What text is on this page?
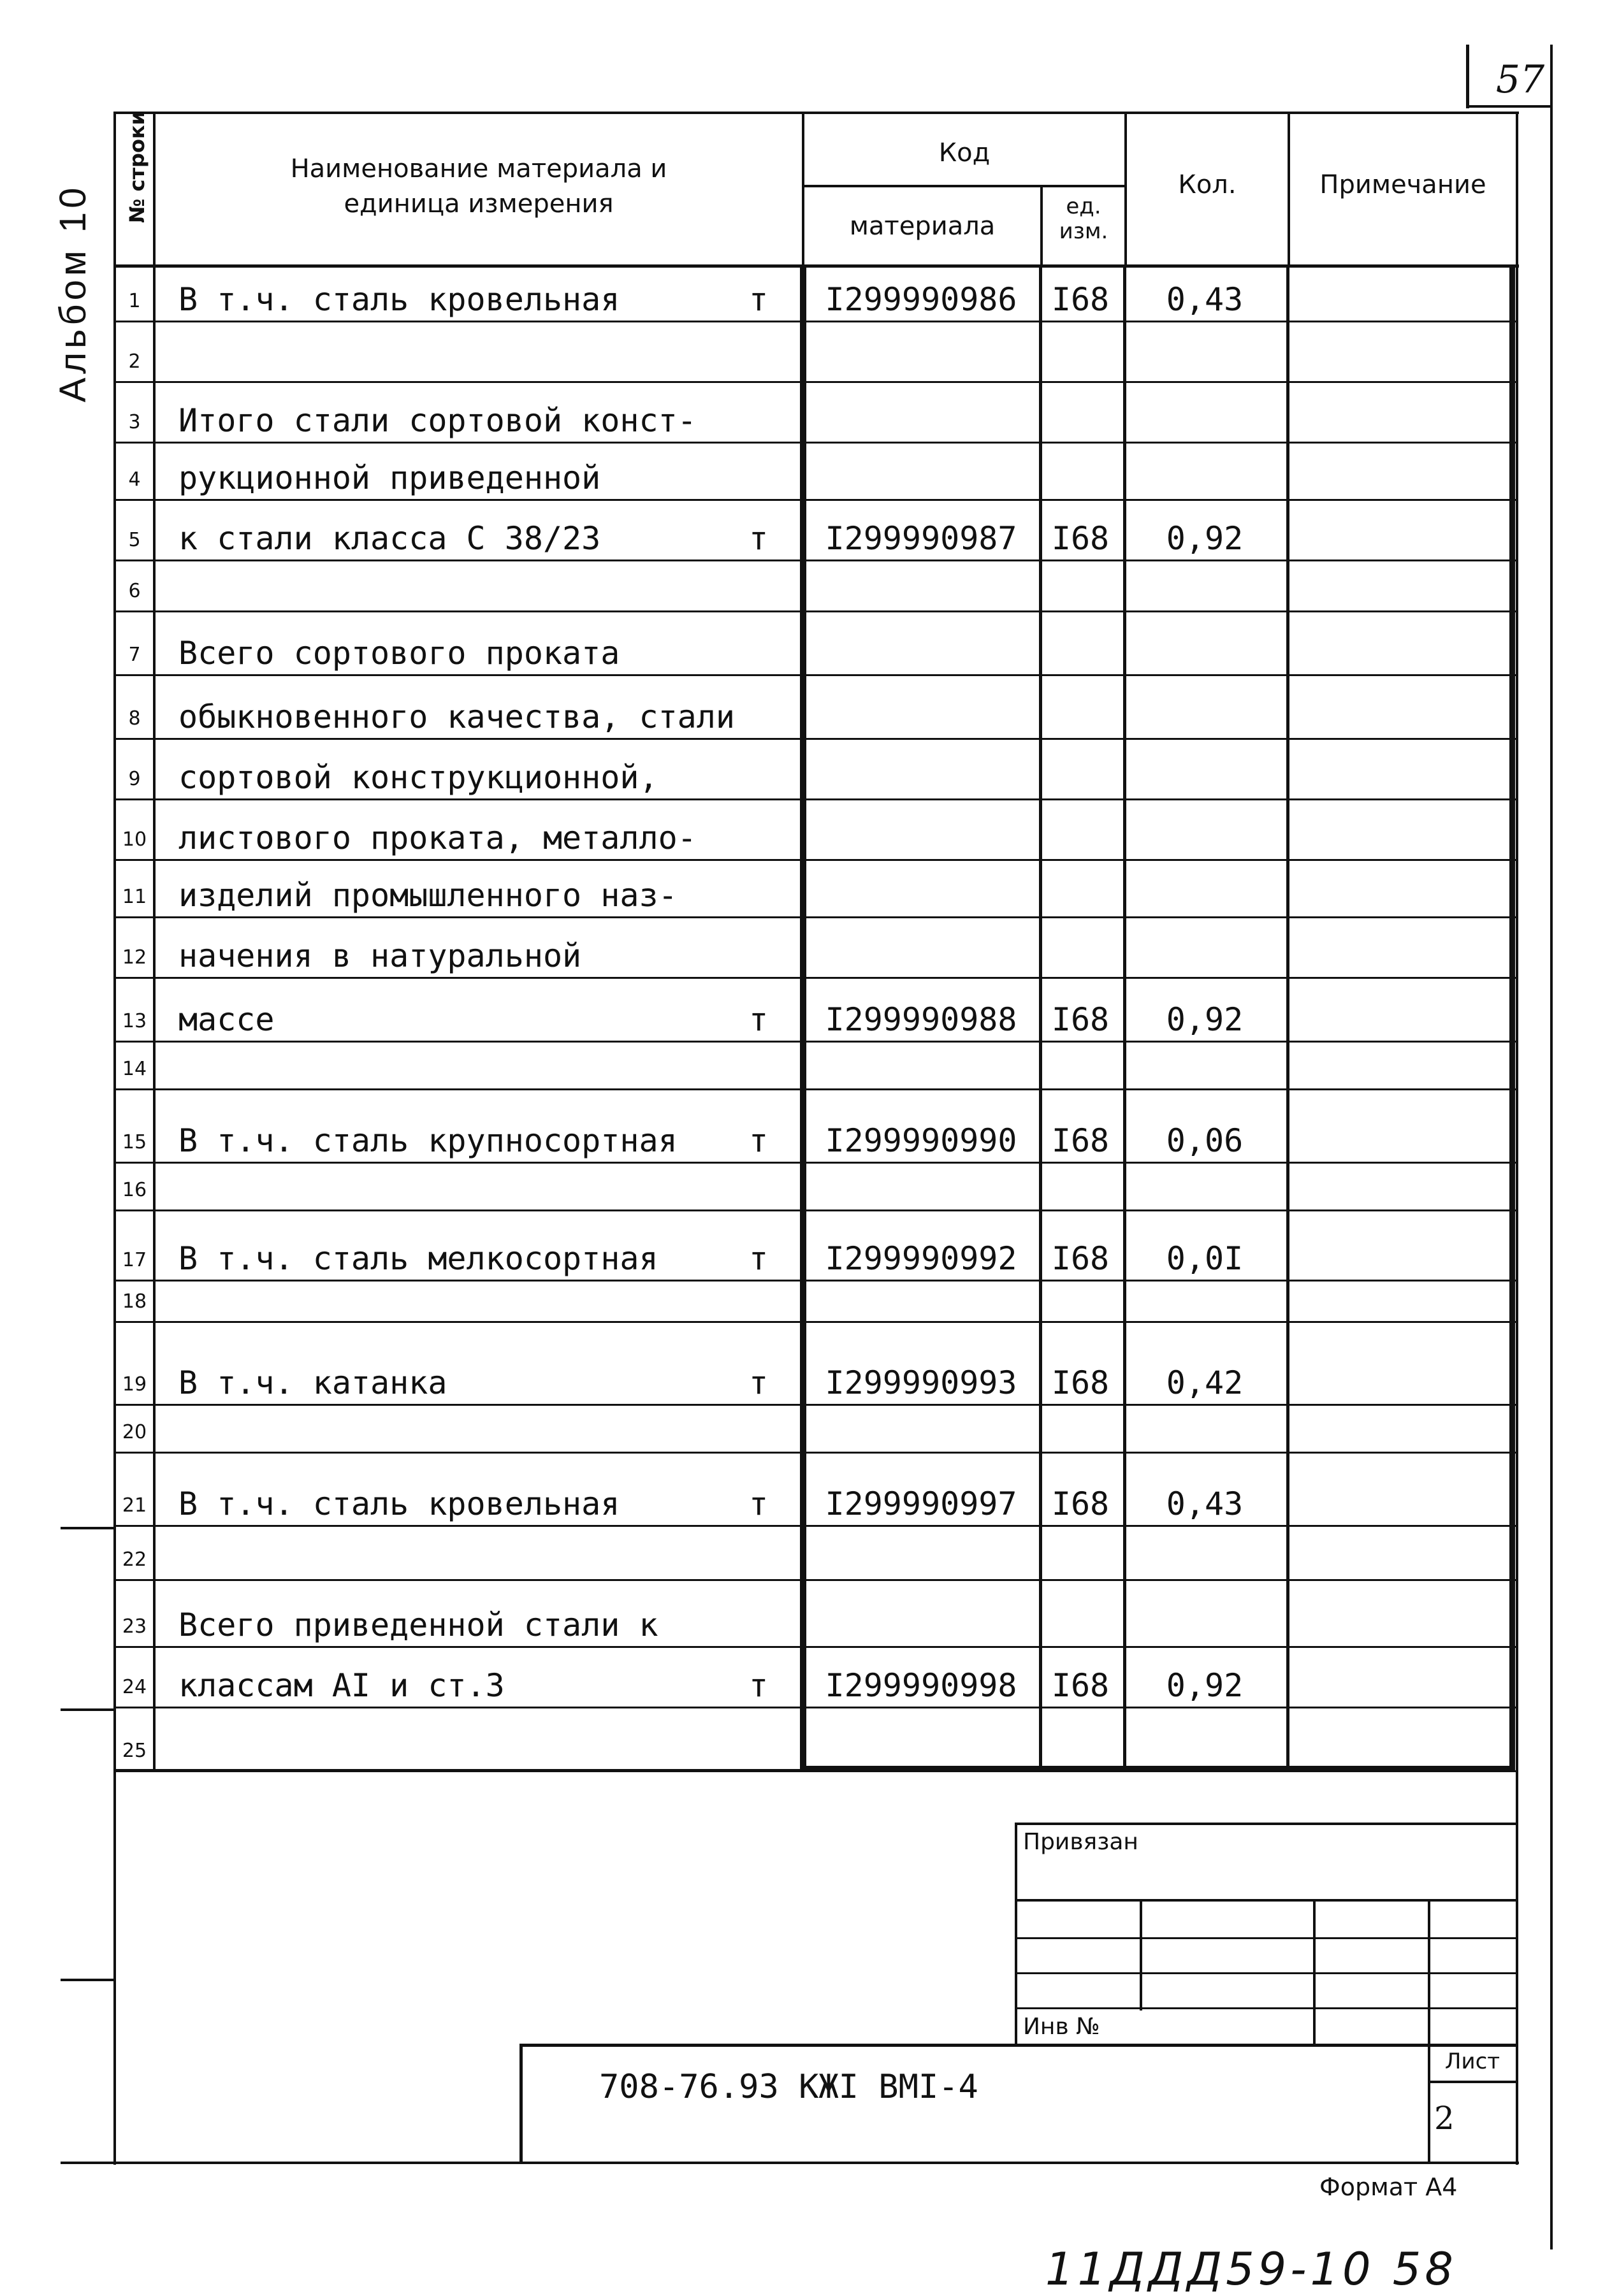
57
Альбом 10
№ строки	Наименование материала и
единица измерения
Код
материала
ед.
изм.
Кол.	Примечание
1	В т.ч. сталь кровельная	т	I299990986	I68	0,43
2
3	Итого стали сортовой конст-
4	рукционной приведенной
5	к стали класса С 38/23	т	I299990987	I68	0,92
6
7	Всего сортового проката
8	обыкновенного качества, стали
9	сортовой конструкционной,
10 листового проката, металло-
11 изделий промышленного наз-
12 начения в натуральной
13 массе	т	I299990988	I68	0,92
14
15 В т.ч. сталь крупносортная т	I299990990	I68	0,06
16
17 В т.ч. сталь мелкосортная	т	I299990992	I68	0,0I
18
19 В т.ч. катанка	т	I299990993	I68	0,42
20
21 В т.ч. сталь кровельная	т	I299990997	I68	0,43
22
23 Всего приведенной стали к
24 классам АI и ст.3	т	I299990998	I68	0,92
25
Привязан
Инв №
708-76.93 КЖI ВМI-4
Лист
2
Формат А4
11ДДД59-10 58
